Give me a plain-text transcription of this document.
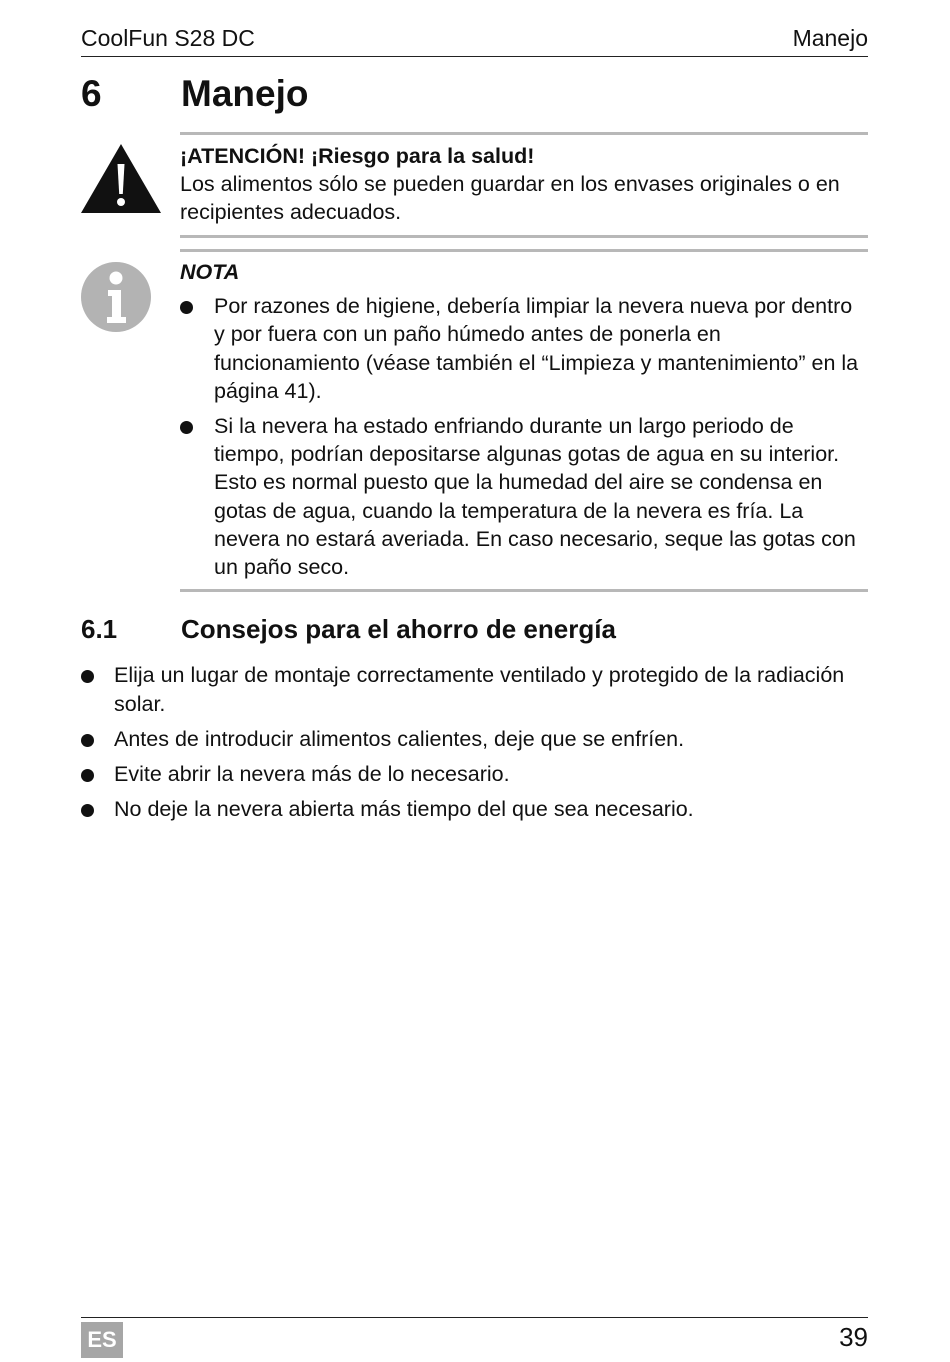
CoolFun S28 DC	Manejo
6 Manejo
¡ATENCIÓN! ¡Riesgo para la salud!
Los alimentos sólo se pueden guardar en los envases originales o en recipientes adecuados.
NOTA
Por razones de higiene, debería limpiar la nevera nueva por dentro y por fuera con un paño húmedo antes de ponerla en funcionamiento (véase también el “Limpieza y mantenimiento” en la página 41).
Si la nevera ha estado enfriando durante un largo periodo de tiempo, podrían depositarse algunas gotas de agua en su interior. Esto es normal puesto que la humedad del aire se condensa en gotas de agua, cuando la temperatura de la nevera es fría. La nevera no estará averiada. En caso necesario, seque las gotas con un paño seco.
6.1 Consejos para el ahorro de energía
Elija un lugar de montaje correctamente ventilado y protegido de la radiación solar.
Antes de introducir alimentos calientes, deje que se enfríen.
Evite abrir la nevera más de lo necesario.
No deje la nevera abierta más tiempo del que sea necesario.
ES	39
